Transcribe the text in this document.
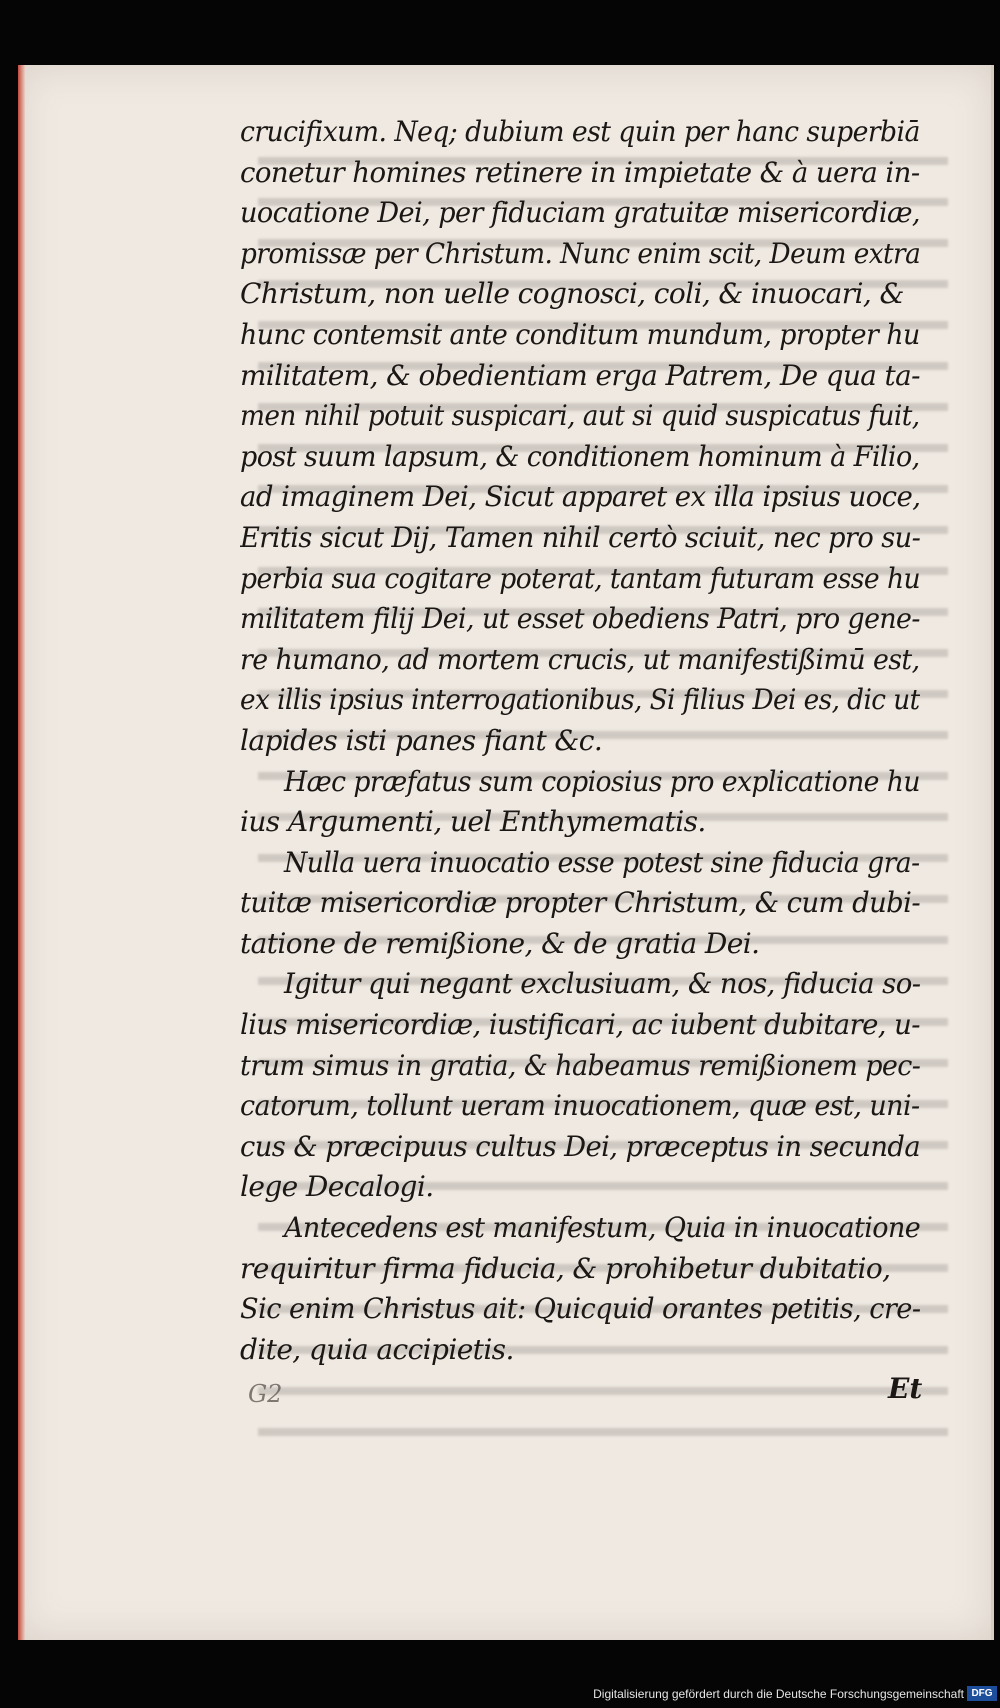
crucifixum. Neq; dubium est quin per hanc superbiā
conetur homines retinere in impietate & à uera in-
uocatione Dei, per fiduciam gratuitæ misericordiæ,
promissæ per Christum. Nunc enim scit, Deum extra
Christum, non uelle cognosci, coli, & inuocari, &
hunc contemsit ante conditum mundum, propter hu
militatem, & obedientiam erga Patrem, De qua ta-
men nihil potuit suspicari, aut si quid suspicatus fuit,
post suum lapsum, & conditionem hominum à Filio,
ad imaginem Dei, Sicut apparet ex illa ipsius uoce,
Eritis sicut Dij, Tamen nihil certò sciuit, nec pro su-
perbia sua cogitare poterat, tantam futuram esse hu
militatem filij Dei, ut esset obediens Patri, pro gene-
re humano, ad mortem crucis, ut manifestißimū est,
ex illis ipsius interrogationibus, Si filius Dei es, dic ut
lapides isti panes fiant &c.
Hæc præfatus sum copiosius pro explicatione hu
ius Argumenti, uel Enthymematis.
Nulla uera inuocatio esse potest sine fiducia gra-
tuitæ misericordiæ propter Christum, & cum dubi-
tatione de remißione, & de gratia Dei.
Igitur qui negant exclusiuam, & nos, fiducia so-
lius misericordiæ, iustificari, ac iubent dubitare, u-
trum simus in gratia, & habeamus remißionem pec-
catorum, tollunt ueram inuocationem, quæ est, uni-
cus & præcipuus cultus Dei, præceptus in secunda
lege Decalogi.
Antecedens est manifestum, Quia in inuocatione
requiritur firma fiducia, & prohibetur dubitatio,
Sic enim Christus ait: Quicquid orantes petitis, cre-
dite, quia accipietis.
G2	Et
Digitalisierung gefördert durch die Deutsche Forschungsgemeinschaft DFG
